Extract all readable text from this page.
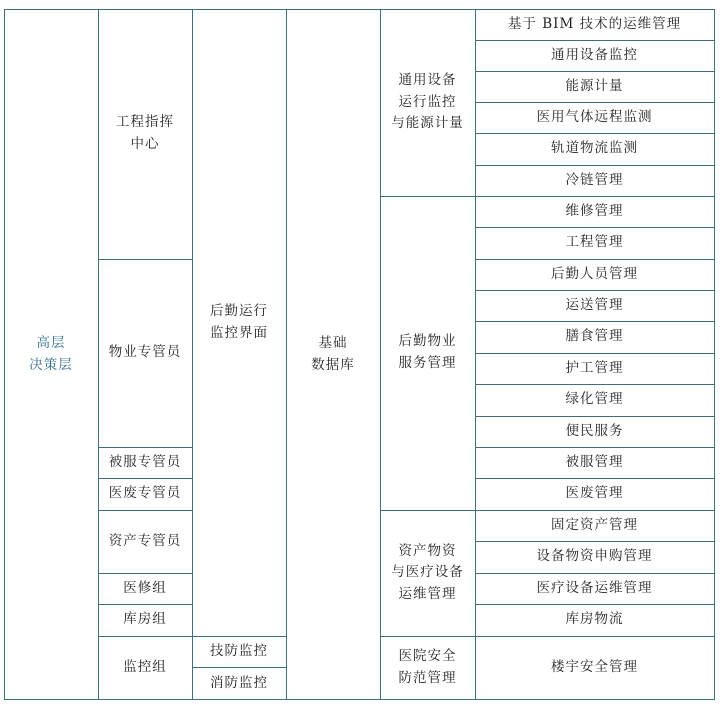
高层
决策层
工程指挥
中心
物业专管员
被服专管员
医废专管员
资产专管员
医修组
库房组
监控组
后勤运行
监控界面
技防监控
消防监控
基础
数据库
通用设备
运行监控
与能源计量
后勤物业
服务管理
资产物资
与医疗设备
运维管理
医院安全
防范管理
基于 BIM 技术的运维管理
通用设备监控
能源计量
医用气体远程监测
轨道物流监测
冷链管理
维修管理
工程管理
后勤人员管理
运送管理
膳食管理
护工管理
绿化管理
便民服务
被服管理
医废管理
固定资产管理
设备物资申购管理
医疗设备运维管理
库房物流
楼宇安全管理
